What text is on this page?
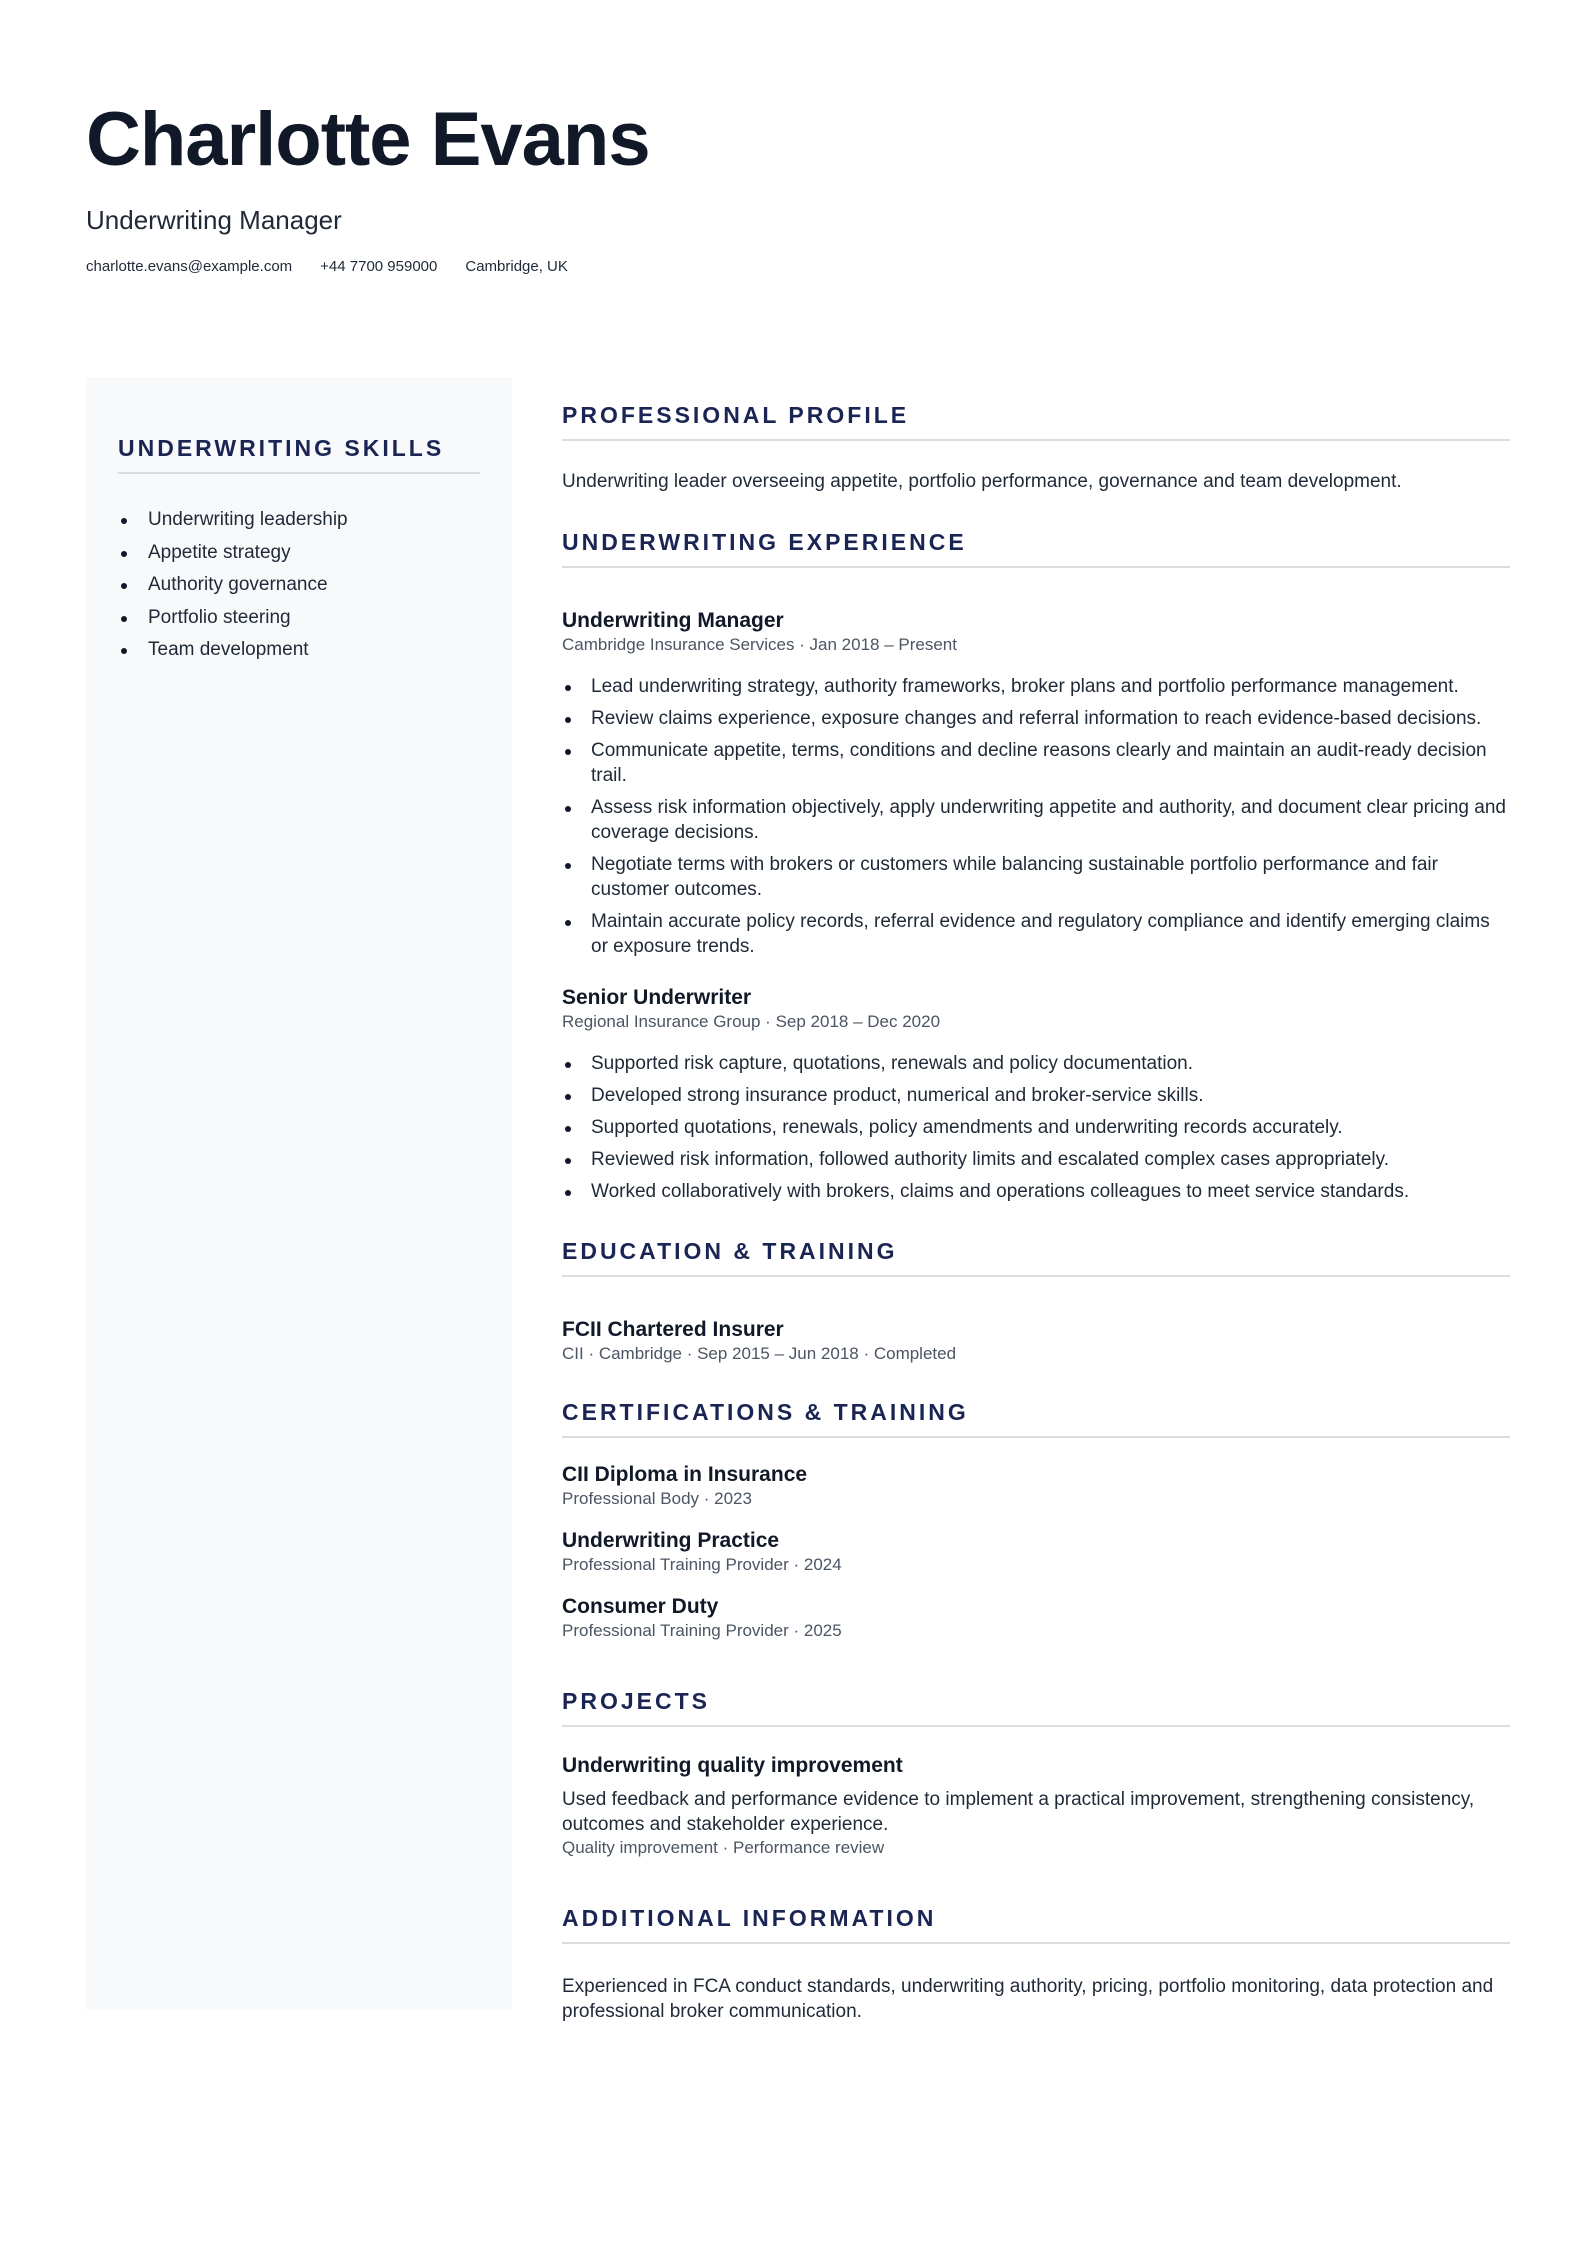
Charlotte Evans
Underwriting Manager
charlotte.evans@example.com +44 7700 959000 Cambridge, UK
UNDERWRITING SKILLS
Underwriting leadership
Appetite strategy
Authority governance
Portfolio steering
Team development
PROFESSIONAL PROFILE
Underwriting leader overseeing appetite, portfolio performance, governance and team development.
UNDERWRITING EXPERIENCE
Underwriting Manager
Cambridge Insurance Services · Jan 2018 – Present
Lead underwriting strategy, authority frameworks, broker plans and portfolio performance management.
Review claims experience, exposure changes and referral information to reach evidence-based decisions.
Communicate appetite, terms, conditions and decline reasons clearly and maintain an audit-ready decision trail.
Assess risk information objectively, apply underwriting appetite and authority, and document clear pricing and coverage decisions.
Negotiate terms with brokers or customers while balancing sustainable portfolio performance and fair customer outcomes.
Maintain accurate policy records, referral evidence and regulatory compliance and identify emerging claims or exposure trends.
Senior Underwriter
Regional Insurance Group · Sep 2018 – Dec 2020
Supported risk capture, quotations, renewals and policy documentation.
Developed strong insurance product, numerical and broker-service skills.
Supported quotations, renewals, policy amendments and underwriting records accurately.
Reviewed risk information, followed authority limits and escalated complex cases appropriately.
Worked collaboratively with brokers, claims and operations colleagues to meet service standards.
EDUCATION & TRAINING
FCII Chartered Insurer
CII · Cambridge · Sep 2015 – Jun 2018 · Completed
CERTIFICATIONS & TRAINING
CII Diploma in Insurance
Professional Body · 2023
Underwriting Practice
Professional Training Provider · 2024
Consumer Duty
Professional Training Provider · 2025
PROJECTS
Underwriting quality improvement
Used feedback and performance evidence to implement a practical improvement, strengthening consistency, outcomes and stakeholder experience.
Quality improvement · Performance review
ADDITIONAL INFORMATION
Experienced in FCA conduct standards, underwriting authority, pricing, portfolio monitoring, data protection and professional broker communication.
